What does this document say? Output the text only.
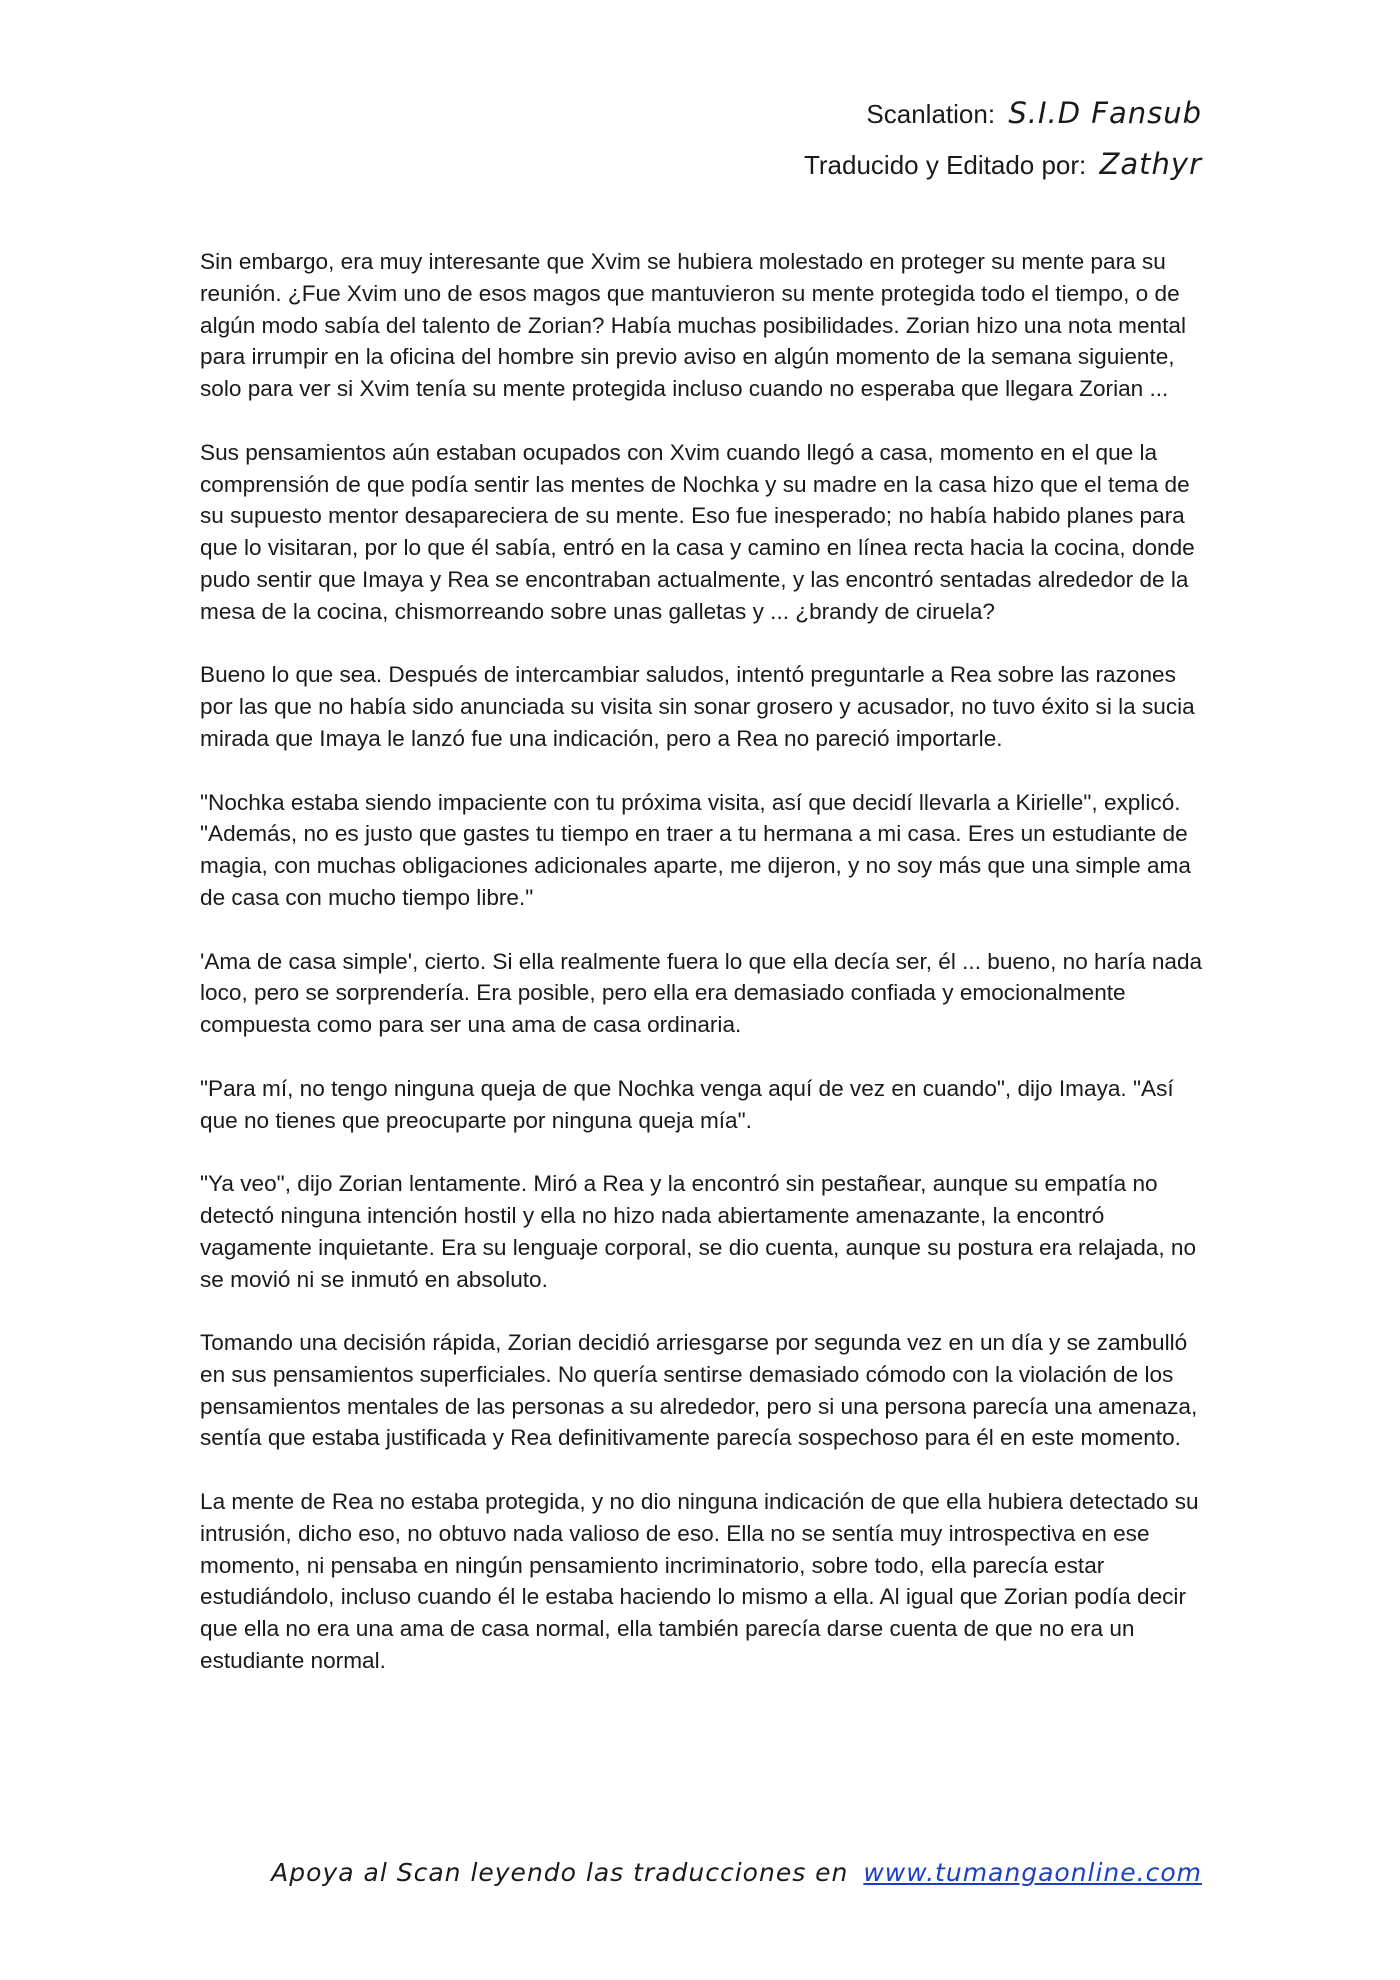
Scanlation: S.I.D Fansub
Traducido y Editado por: Zathyr

Sin embargo, era muy interesante que Xvim se hubiera molestado en proteger su mente para su reunión. ¿Fue Xvim uno de esos magos que mantuvieron su mente protegida todo el tiempo, o de algún modo sabía del talento de Zorian? Había muchas posibilidades. Zorian hizo una nota mental para irrumpir en la oficina del hombre sin previo aviso en algún momento de la semana siguiente, solo para ver si Xvim tenía su mente protegida incluso cuando no esperaba que llegara Zorian ...

Sus pensamientos aún estaban ocupados con Xvim cuando llegó a casa, momento en el que la comprensión de que podía sentir las mentes de Nochka y su madre en la casa hizo que el tema de su supuesto mentor desapareciera de su mente. Eso fue inesperado; no había habido planes para que lo visitaran, por lo que él sabía, entró en la casa y camino en línea recta hacia la cocina, donde pudo sentir que Imaya y Rea se encontraban actualmente, y las encontró sentadas alrededor de la mesa de la cocina, chismorreando sobre unas galletas y ... ¿brandy de ciruela?

Bueno lo que sea. Después de intercambiar saludos, intentó preguntarle a Rea sobre las razones por las que no había sido anunciada su visita sin sonar grosero y acusador, no tuvo éxito si la sucia mirada que Imaya le lanzó fue una indicación, pero a Rea no pareció importarle.

"Nochka estaba siendo impaciente con tu próxima visita, así que decidí llevarla a Kirielle", explicó. "Además, no es justo que gastes tu tiempo en traer a tu hermana a mi casa. Eres un estudiante de magia, con muchas obligaciones adicionales aparte, me dijeron, y no soy más que una simple ama de casa con mucho tiempo libre."

'Ama de casa simple', cierto. Si ella realmente fuera lo que ella decía ser, él ... bueno, no haría nada loco, pero se sorprendería. Era posible, pero ella era demasiado confiada y emocionalmente compuesta como para ser una ama de casa ordinaria.

"Para mí, no tengo ninguna queja de que Nochka venga aquí de vez en cuando", dijo Imaya. "Así que no tienes que preocuparte por ninguna queja mía".

"Ya veo", dijo Zorian lentamente. Miró a Rea y la encontró sin pestañear, aunque su empatía no detectó ninguna intención hostil y ella no hizo nada abiertamente amenazante, la encontró vagamente inquietante. Era su lenguaje corporal, se dio cuenta, aunque su postura era relajada, no se movió ni se inmutó en absoluto.

Tomando una decisión rápida, Zorian decidió arriesgarse por segunda vez en un día y se zambulló en sus pensamientos superficiales. No quería sentirse demasiado cómodo con la violación de los pensamientos mentales de las personas a su alrededor, pero si una persona parecía una amenaza, sentía que estaba justificada y Rea definitivamente parecía sospechoso para él en este momento.

La mente de Rea no estaba protegida, y no dio ninguna indicación de que ella hubiera detectado su intrusión, dicho eso, no obtuvo nada valioso de eso. Ella no se sentía muy introspectiva en ese momento, ni pensaba en ningún pensamiento incriminatorio, sobre todo, ella parecía estar estudiándolo, incluso cuando él le estaba haciendo lo mismo a ella. Al igual que Zorian podía decir que ella no era una ama de casa normal, ella también parecía darse cuenta de que no era un estudiante normal.

Apoya al Scan leyendo las traducciones en www.tumangaonline.com
